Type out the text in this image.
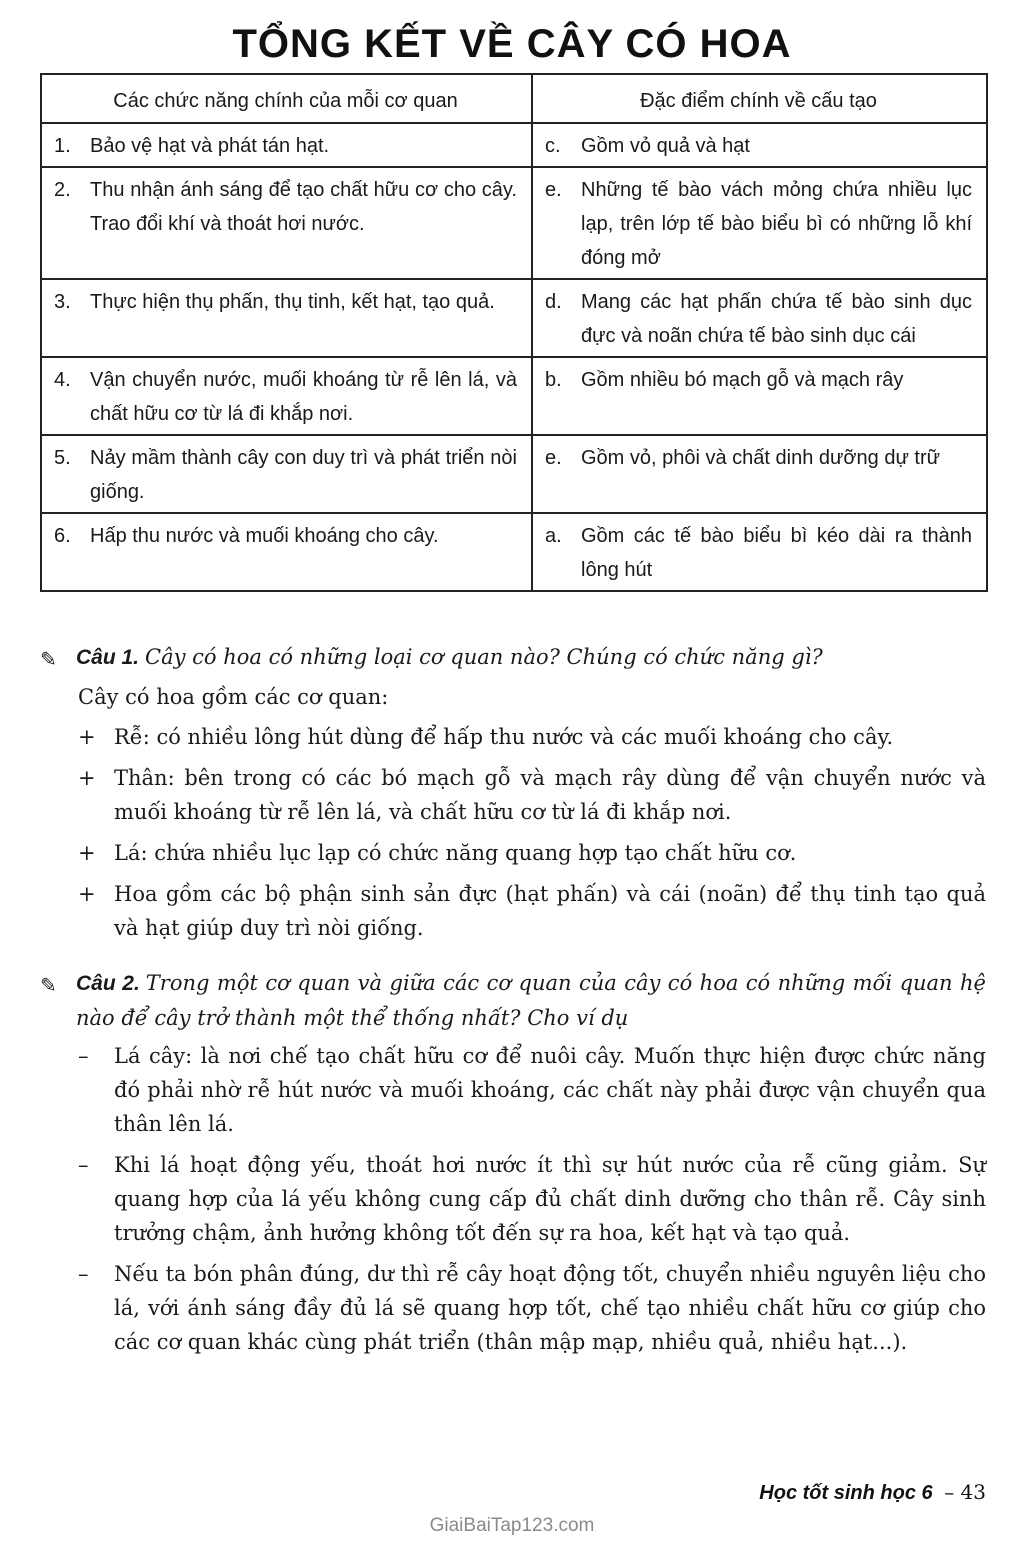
TỔNG KẾT VỀ CÂY CÓ HOA
Các chức năng chính của mỗi cơ quan	Đặc điểm chính về cấu tạo

1. Bảo vệ hạt và phát tán hạt.	c. Gồm vỏ quả và hạt

2. Thu nhận ánh sáng để tạo chất hữu cơ cho cây. Trao đổi khí và thoát hơi nước.	e. Những tế bào vách mỏng chứa nhiều lục lạp, trên lớp tế bào biểu bì có những lỗ khí đóng mở

3. Thực hiện thụ phấn, thụ tinh, kết hạt, tạo quả.	d. Mang các hạt phấn chứa tế bào sinh dục đực và noãn chứa tế bào sinh dục cái

4. Vận chuyển nước, muối khoáng từ rễ lên lá, và chất hữu cơ từ lá đi khắp nơi.	b. Gồm nhiều bó mạch gỗ và mạch rây

5. Nảy mầm thành cây con duy trì và phát triển nòi giống.	e. Gồm vỏ, phôi và chất dinh dưỡng dự trữ

6. Hấp thu nước và muối khoáng cho cây.	a. Gồm các tế bào biểu bì kéo dài ra thành lông hút
✎ Câu 1. Cây có hoa có những loại cơ quan nào? Chúng có chức năng gì?
Cây có hoa gồm các cơ quan:
+ Rễ: có nhiều lông hút dùng để hấp thu nước và các muối khoáng cho cây.
+ Thân: bên trong có các bó mạch gỗ và mạch rây dùng để vận chuyển nước và muối khoáng từ rễ lên lá, và chất hữu cơ từ lá đi khắp nơi.
+ Lá: chứa nhiều lục lạp có chức năng quang hợp tạo chất hữu cơ.
+ Hoa gồm các bộ phận sinh sản đực (hạt phấn) và cái (noãn) để thụ tinh tạo quả và hạt giúp duy trì nòi giống.
✎ Câu 2. Trong một cơ quan và giữa các cơ quan của cây có hoa có những mối quan hệ nào để cây trở thành một thể thống nhất? Cho ví dụ
–	Lá cây: là nơi chế tạo chất hữu cơ để nuôi cây. Muốn thực hiện được chức năng đó phải nhờ rễ hút nước và muối khoáng, các chất này phải được vận chuyển qua thân lên lá.
–	Khi lá hoạt động yếu, thoát hơi nước ít thì sự hút nước của rễ cũng giảm. Sự quang hợp của lá yếu không cung cấp đủ chất dinh dưỡng cho thân rễ. Cây sinh trưởng chậm, ảnh hưởng không tốt đến sự ra hoa, kết hạt và tạo quả.
–	Nếu ta bón phân đúng, dư thì rễ cây hoạt động tốt, chuyển nhiều nguyên liệu cho lá, với ánh sáng đầy đủ lá sẽ quang hợp tốt, chế tạo nhiều chất hữu cơ giúp cho các cơ quan khác cùng phát triển (thân mập mạp, nhiều quả, nhiều hạt...).
Học tốt sinh học 6 – 43
GiaiBaiTap123.com
